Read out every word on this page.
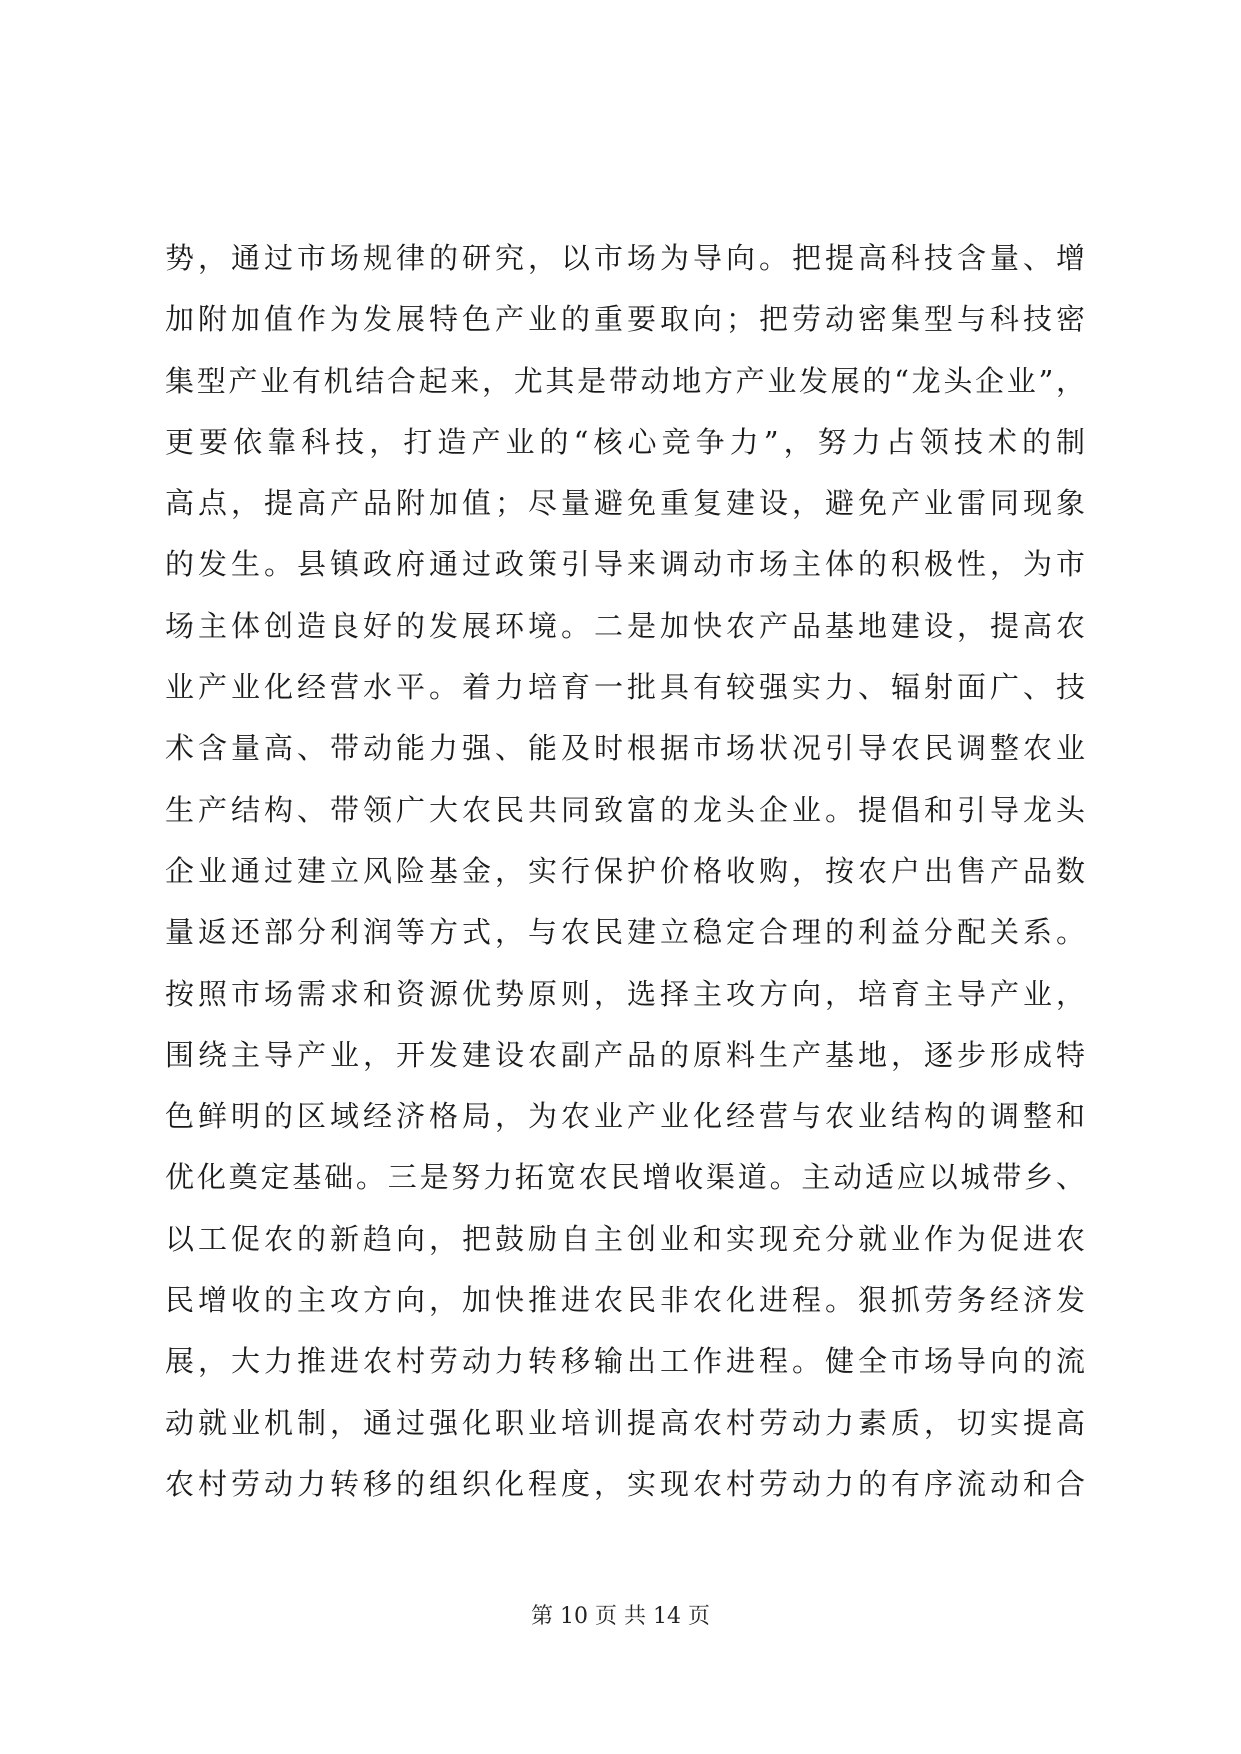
势，通过市场规律的研究，以市场为导向。把提高科技含量、增
加附加值作为发展特色产业的重要取向；把劳动密集型与科技密
集型产业有机结合起来，尤其是带动地方产业发展的“龙头企业”，
更要依靠科技，打造产业的“核心竞争力”，努力占领技术的制
高点，提高产品附加值；尽量避免重复建设，避免产业雷同现象
的发生。县镇政府通过政策引导来调动市场主体的积极性，为市
场主体创造良好的发展环境。二是加快农产品基地建设，提高农
业产业化经营水平。着力培育一批具有较强实力、辐射面广、技
术含量高、带动能力强、能及时根据市场状况引导农民调整农业
生产结构、带领广大农民共同致富的龙头企业。提倡和引导龙头
企业通过建立风险基金，实行保护价格收购，按农户出售产品数
量返还部分利润等方式，与农民建立稳定合理的利益分配关系。
按照市场需求和资源优势原则，选择主攻方向，培育主导产业，
围绕主导产业，开发建设农副产品的原料生产基地，逐步形成特
色鲜明的区域经济格局，为农业产业化经营与农业结构的调整和
优化奠定基础。三是努力拓宽农民增收渠道。主动适应以城带乡、
以工促农的新趋向，把鼓励自主创业和实现充分就业作为促进农
民增收的主攻方向，加快推进农民非农化进程。狠抓劳务经济发
展，大力推进农村劳动力转移输出工作进程。健全市场导向的流
动就业机制，通过强化职业培训提高农村劳动力素质，切实提高
农村劳动力转移的组织化程度，实现农村劳动力的有序流动和合
第 10 页 共 14 页
